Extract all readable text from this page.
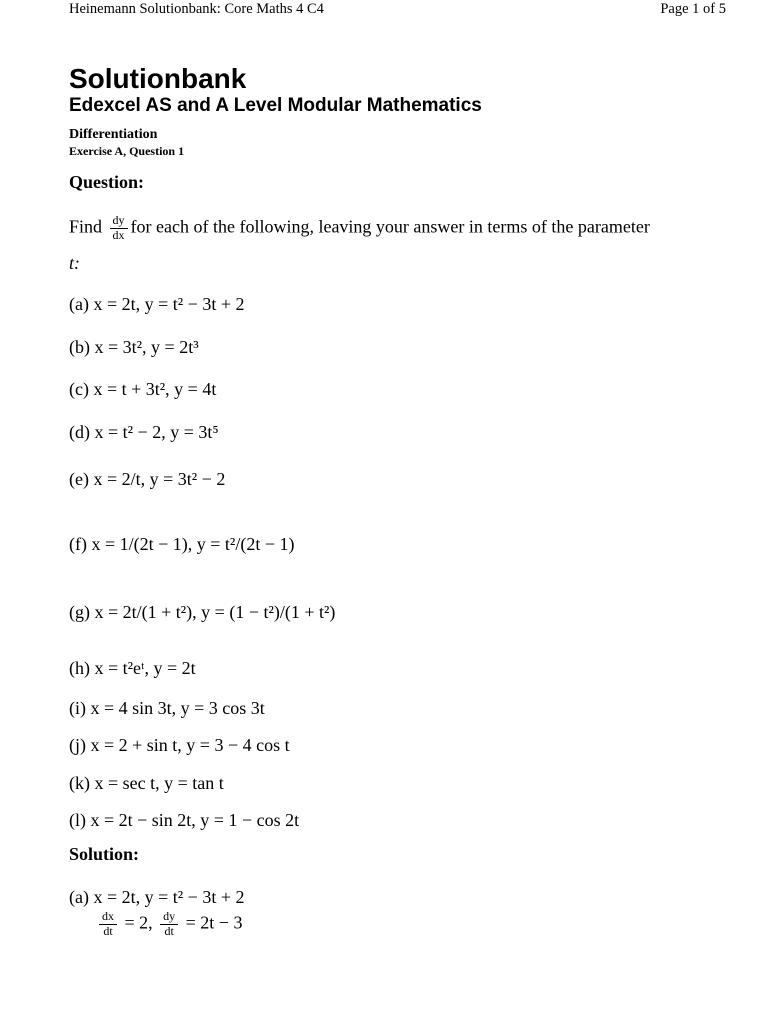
Heinemann Solutionbank: Core Maths 4 C4	Page 1 of 5
Solutionbank
Edexcel AS and A Level Modular Mathematics
Differentiation
Exercise A, Question 1
Question:
Find $\frac{dy}{dx}$ for each of the following, leaving your answer in terms of the parameter
t:
(a) x = 2t, y = t² − 3t + 2
(b) x = 3t², y = 2t³
(c) x = t + 3t², y = 4t
(d) x = t² − 2, y = 3t⁵
(e) x = 2/t, y = 3t² − 2
(f) x = 1/(2t − 1), y = t²/(2t − 1)
(g) x = 2t/(1 + t²), y = (1 − t²)/(1 + t²)
(h) x = t²eᵗ, y = 2t
(i) x = 4 sin 3t, y = 3 cos 3t
(j) x = 2 + sin t, y = 3 − 4 cos t
(k) x = sec t, y = tan t
(l) x = 2t − sin 2t, y = 1 − cos 2t
Solution:
(a) x = 2t, y = t² − 3t + 2
$\frac{dx}{dt} = 2$, $\frac{dy}{dt} = 2t - 3$
